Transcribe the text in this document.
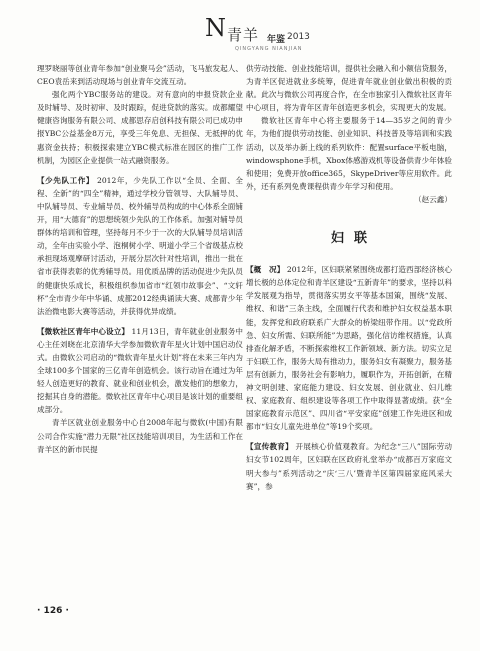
N 青羊 年鉴 2013
QINGYANG NIANJIAN

理罗晓丽等创业青年参加“创业聚马会”活动，飞马旅发起人、CEO袁岳来到活动现场与创业青年交流互动。

强化两个YBC服务站的建设。对有意向的申报贷款企业及时辅导、及时初审、及时跟踪，促进贷款的落实。成都耀望健康咨询服务有限公司、成都思存启创科技有限公司已成功申报YBC公益基金8万元，享受三年免息、无担保、无抵押的优惠资金扶持；积极探索建立YBC模式标准在园区的推广工作机制，为园区企业提供一站式融资服务。

【少先队工作】 2012年，少先队工作以“全员、全面、全程、全新”的“四全”精神，通过学校分管领导、大队辅导员、中队辅导员、专业辅导员、校外辅导员构成的中心体系全面铺开，用“大德育”的思想统领少先队的工作体系。加强对辅导员群体的培训和管理，坚持每月不少于一次的大队辅导员培训活动，全年由实验小学、泡桐树小学、明道小学三个省级基点校承担现场观摩研讨活动，开展分层次针对性培训，推出一批在省市获得表彰的优秀辅导员。用优质品牌的活动促进少先队员的健康快乐成长，积极组织参加省市“红领巾故事会”、“文轩杯”全市青少年中华诵、成都2012经典诵读大赛、成都青少年法治微电影大赛等活动，并获得优异成绩。

【微软社区青年中心设立】 11月13日，青年就业创业服务中心主任刘晓在北京清华大学参加微软青年星火计划中国启动仪式。由微软公司启动的“微软青年星火计划”将在未来三年内为全球100多个国家的三亿青年创造机会。该行动旨在通过为年轻人创造更好的教育、就业和创业机会，激发他们的想象力，挖掘其自身的潜能。微软社区青年中心项目是该计划的重要组成部分。

青羊区就业创业服务中心自2008年起与微软(中国)有限公司合作实施“潜力无限”社区技能培训项目，为生活和工作在青羊区的新市民提

供劳动技能、创业技能培训，提供社会融入和小额信贷服务，为青羊区促进就业多统筹，促进青年就业创业做出积极的贡献。此次与微软公司再度合作，在全市独家引入微软社区青年中心项目，将为青年区青年创造更多机会，实现更大的发展。

微软社区青年中心将主要服务于14—35岁之间的青少年，为他们提供劳动技能、创业知识、科技普及等培训和实践活动，以及举办新上线的系列软件：配置surface平板电脑，windowsphone手机，Xbox体感游戏机等设备供青少年体验和使用；免费开放office365，SkypeDriver等应用软件。此外，还有系列免费课程供青少年学习和使用。

（赵云鑫）

妇联

【概　况】 2012年，区妇联紧紧围绕成都打造西部经济核心增长极的总体定位和青羊区建设“五新青年”的要求，坚持以科学发展观为指导，贯彻落实男女平等基本国策，围绕“发展、维权、和谐”三条主线，全面履行代表和维护妇女权益基本职能，发挥党和政府联系广大群众的桥梁纽带作用。以“党政所急、妇女所需、妇联所能”为思路，强化信访维权措施，认真排查化解矛盾，不断探索维权工作新领域、新方法。切实立足于妇联工作，服务大局有推动力，服务妇女有凝聚力，服务基层有创新力，服务社会有影响力，履职作为，开拓创新，在精神文明创建、家庭能力建设、妇女发展、创业就业、妇儿维权、家庭教育、组织建设等各项工作中取得显著成绩。获“全国家庭教育示范区”、四川省“平安家庭”创建工作先进区和成都市“妇女儿童先进单位”等19个奖项。

【宣传教育】 开展核心价值观教育。为纪念“三八”国际劳动妇女节102周年，区妇联在区政府礼堂举办“成都百万家庭文明大参与”系列活动之“庆‘三八’暨青羊区第四届家庭风采大赛”，参

· 126 ·
